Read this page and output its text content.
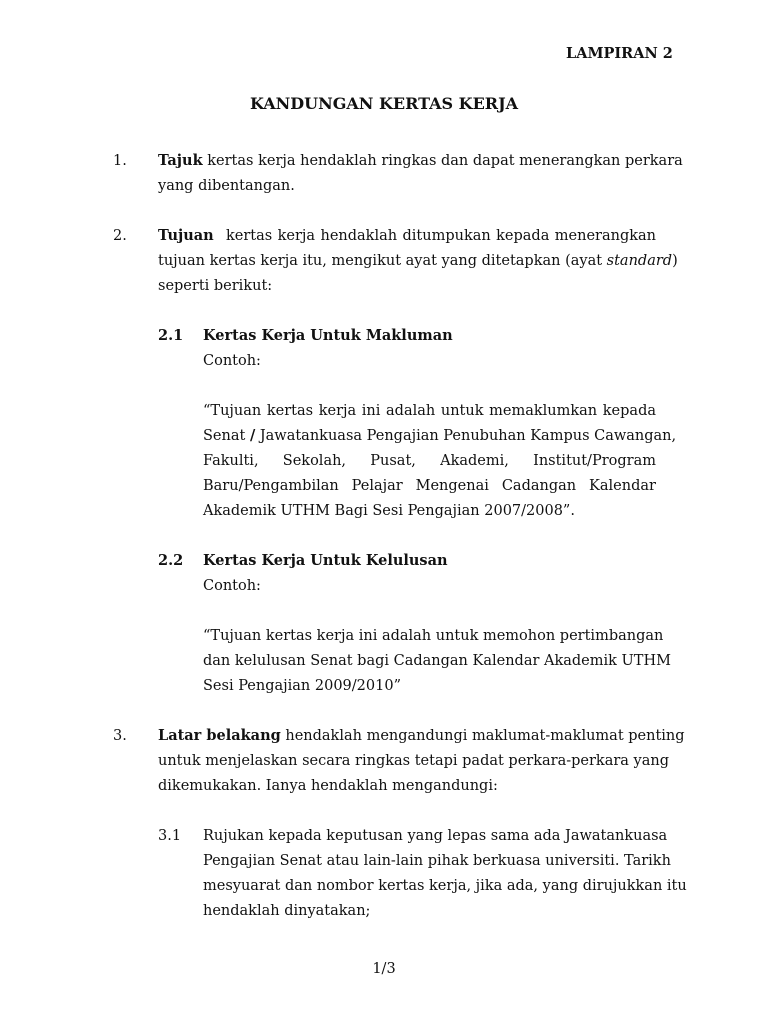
LAMPIRAN 2
KANDUNGAN KERTAS KERJA
1. Tajuk kertas kerja hendaklah ringkas dan dapat menerangkan perkara
yang dibentangan.
2. Tujuan kertas kerja hendaklah ditumpukan kepada menerangkan
tujuan kertas kerja itu, mengikut ayat yang ditetapkan (ayat standard)
seperti berikut:
2.1 Kertas Kerja Untuk Makluman
Contoh:
“Tujuan kertas kerja ini adalah untuk memaklumkan kepada
Senat / Jawatankuasa Pengajian Penubuhan Kampus Cawangan,
Fakulti, Sekolah, Pusat, Akademi, Institut/Program
Baru/Pengambilan Pelajar Mengenai Cadangan Kalendar
Akademik UTHM Bagi Sesi Pengajian 2007/2008”.
2.2 Kertas Kerja Untuk Kelulusan
Contoh:
“Tujuan kertas kerja ini adalah untuk memohon pertimbangan
dan kelulusan Senat bagi Cadangan Kalendar Akademik UTHM
Sesi Pengajian 2009/2010”
3. Latar belakang hendaklah mengandungi maklumat-maklumat penting
untuk menjelaskan secara ringkas tetapi padat perkara-perkara yang
dikemukakan. Ianya hendaklah mengandungi:
3.1 Rujukan kepada keputusan yang lepas sama ada Jawatankuasa
Pengajian Senat atau lain-lain pihak berkuasa universiti. Tarikh
mesyuarat dan nombor kertas kerja, jika ada, yang dirujukkan itu
hendaklah dinyatakan;
1/3
